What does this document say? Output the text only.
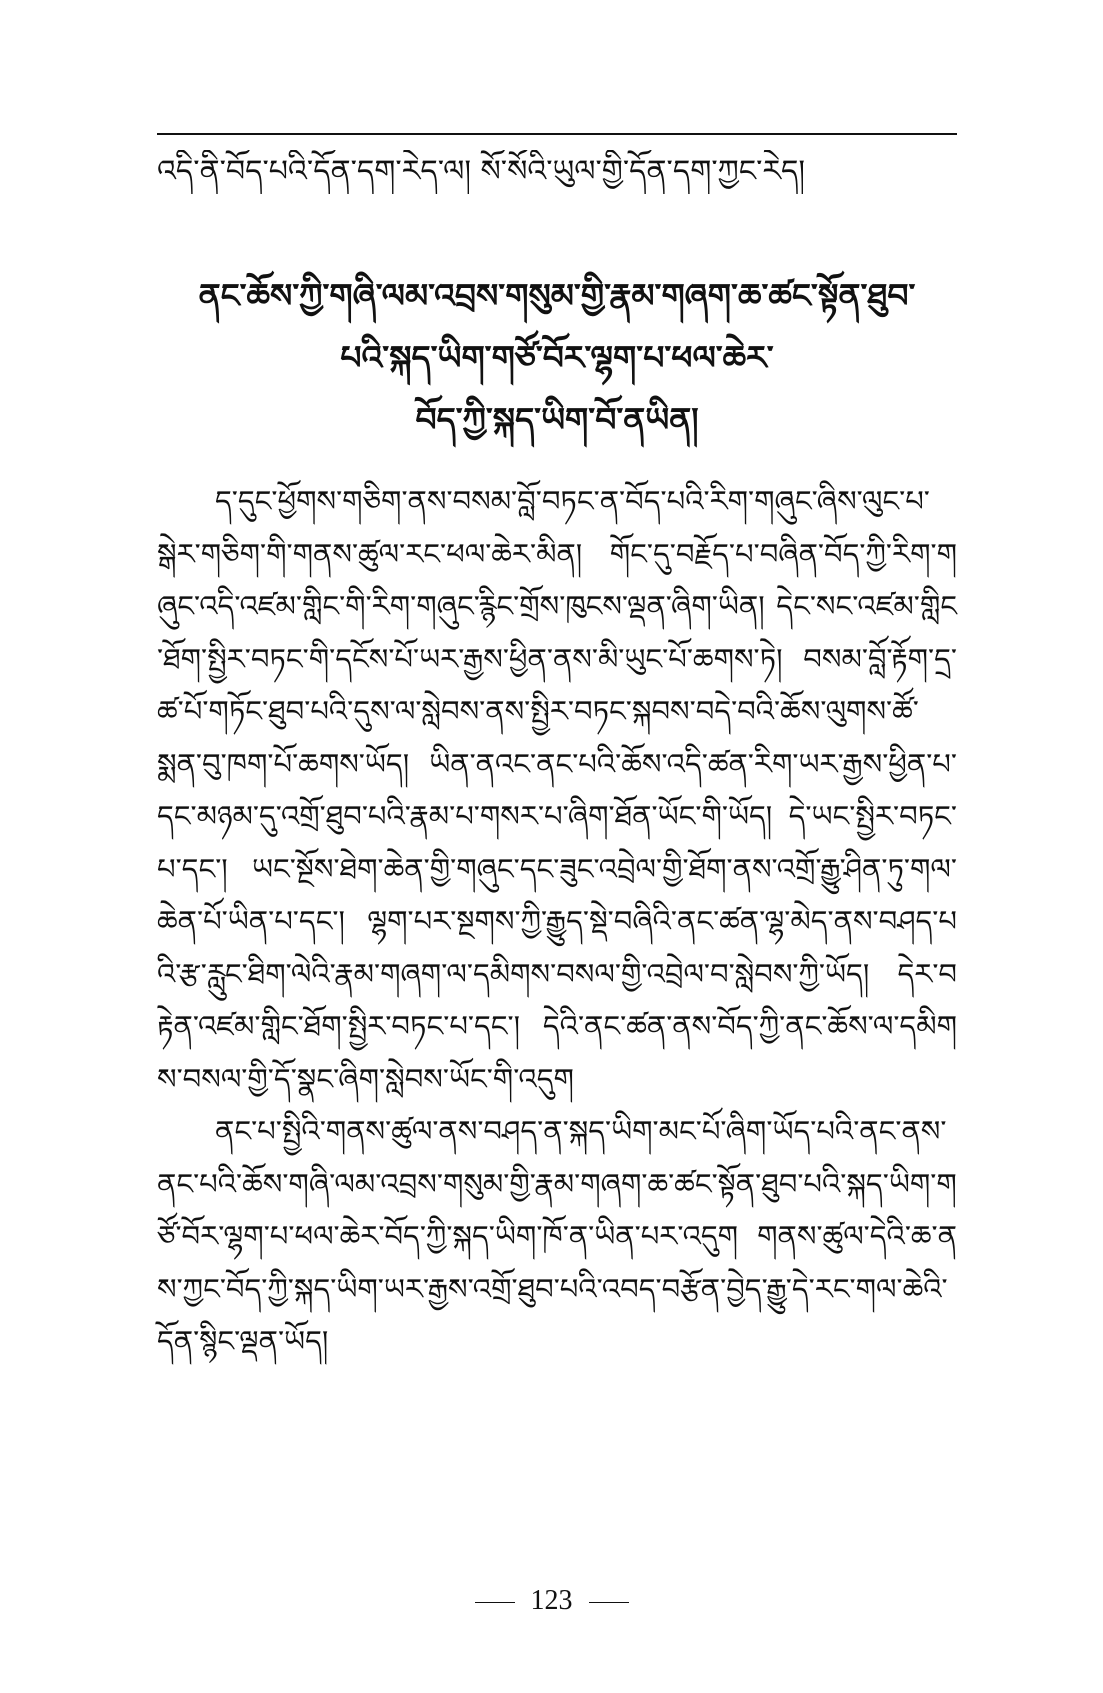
འདི་ནི་བོད་པའི་དོན་དག་རེད་ལ། སོ་སོའི་ཡུལ་གྱི་དོན་དག་ཀྱང་རེད།
ནང་ཆོས་ཀྱི་གཞི་ལམ་འབྲས་གསུམ་གྱི་རྣམ་གཞག་ཆ་ཚང་སྟོན་ཐུབ་
པའི་སྐད་ཡིག་གཙོ་བོར་ལྷག་པ་ཕལ་ཆེར་
བོད་ཀྱི་སྐད་ཡིག་བོ་ནཡིན།

ད་དུང་ཕྱོགས་གཅིག་ནས་བསམ་བློ་བཏང་ན་བོད་པའི་རིག་གཞུང་ཞིས་ལུང་པ་སྒེར་གཅིག་གི་གནས་ཚུལ་རང་ཕལ་ཆེར་མིན། གོང་དུ་བརྗོད་པ་བཞིན་བོད་ཀྱི་རིག་གཞུང་འདི་འཛམ་གླིང་གི་རིག་གཞུང་རྙིང་གྲོས་ཁུངས་ལྡན་ཞིག་ཡིན། དེང་སང་འཛམ་གླིང་ཐོག་སྤྱིར་བཏང་གི་དངོས་པོ་ཡར་རྒྱས་ཕྱིན་ནས་མི་ཡུང་པོ་ཆགས་ཏེ། བསམ་བློ་རྟོག་དྲ་ཚ་པོ་གཏོང་ཐུབ་པའི་དུས་ལ་སླེབས་ནས་སྤྱིར་བཏང་སྐབས་བདེ་བའི་ཆོས་ལུགས་ཚོ་སྨན་བུ་ཁག་པོ་ཆགས་ཡོད། ཡིན་ནའང་ནང་པའི་ཆོས་འདི་ཚན་རིག་ཡར་རྒྱས་ཕྱིན་པ་དང་མཉམ་དུ་འགྲོ་ཐུབ་པའི་རྣམ་པ་གསར་པ་ཞིག་ཐོན་ཡོང་གི་ཡོད། དེ་ཡང་སྤྱིར་བཏང་པ་དང་། ཡང་སྔོས་ཐེག་ཆེན་གྱི་གཞུང་དང་ཟུང་འབྲེལ་གྱི་ཐོག་ནས་འགྲོ་རྒྱུ་ཤིན་ཏུ་གལ་ཆེན་པོ་ཡིན་པ་དང་། ལྷག་པར་སྔགས་ཀྱི་རྒྱུད་སྡེ་བཞིའི་ནང་ཚན་ལྷ་མེད་ནས་བཤད་པའི་རྩ་རླུང་ཐིག་ལེའི་རྣམ་གཞག་ལ་དམིགས་བསལ་གྱི་འབྲེལ་བ་སླེབས་ཀྱི་ཡོད། དེར་བརྟེན་འཛམ་གླིང་ཐོག་སྤྱིར་བཏང་པ་དང་། དེའི་ནང་ཚན་ནས་བོད་ཀྱི་ནང་ཆོས་ལ་དམིགས་བསལ་གྱི་དོ་སྣང་ཞིག་སླེབས་ཡོང་གི་འདུག

ནང་པ་སྤྱིའི་གནས་ཚུལ་ནས་བཤད་ན་སྐད་ཡིག་མང་པོ་ཞིག་ཡོད་པའི་ནང་ནས་ནང་པའི་ཆོས་གཞི་ལམ་འབྲས་གསུམ་གྱི་རྣམ་གཞག་ཆ་ཚང་སྟོན་ཐུབ་པའི་སྐད་ཡིག་གཙོ་བོར་ལྷག་པ་ཕལ་ཆེར་བོད་ཀྱི་སྐད་ཡིག་ཁོ་ན་ཡིན་པར་འདུག གནས་ཚུལ་དེའི་ཆ་ནས་ཀྱང་བོད་ཀྱི་སྐད་ཡིག་ཡར་རྒྱས་འགྲོ་ཐུབ་པའི་འབད་བརྩོན་བྱེད་རྒྱུ་དེ་རང་གལ་ཆེའི་དོན་སྙིང་ལྡན་ཡོད།

123
